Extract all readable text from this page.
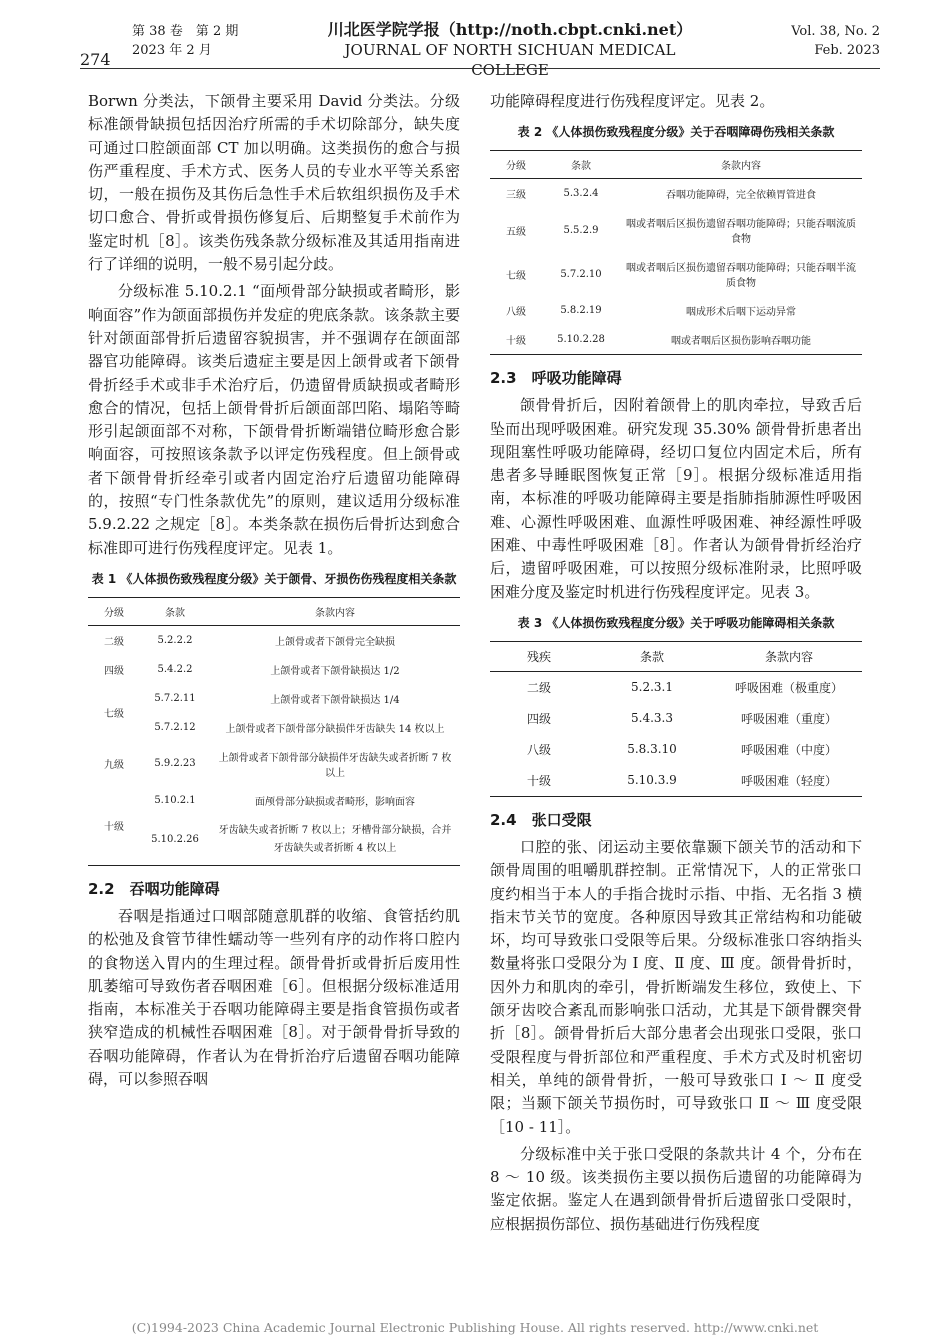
274
第 38 卷　第 2 期
2023 年 2 月
川北医学院学报（http://noth.cbpt.cnki.net）
JOURNAL OF NORTH SICHUAN MEDICAL COLLEGE
Vol. 38, No. 2
Feb. 2023

Borwn 分类法，下颌骨主要采用 David 分类法。分级标准颌骨缺损包括因治疗所需的手术切除部分，缺失度可通过口腔颌面部 CT 加以明确。这类损伤的愈合与损伤严重程度、手术方式、医务人员的专业水平等关系密切，一般在损伤及其伤后急性手术后软组织损伤及手术切口愈合、骨折或骨损伤修复后、后期整复手术前作为鉴定时机［8］。该类伤残条款分级标准及其适用指南进行了详细的说明，一般不易引起分歧。

分级标准 5.10.2.1 “面颅骨部分缺损或者畸形，影响面容”作为颌面部损伤并发症的兜底条款。该条款主要针对颌面部骨折后遗留容貌损害，并不强调存在颌面部器官功能障碍。该类后遗症主要是因上颌骨或者下颌骨骨折经手术或非手术治疗后，仍遗留骨质缺损或者畸形愈合的情况，包括上颌骨骨折后颌面部凹陷、塌陷等畸形引起颌面部不对称，下颌骨骨折断端错位畸形愈合影响面容，可按照该条款予以评定伤残程度。但上颌骨或者下颌骨骨折经牵引或者内固定治疗后遗留功能障碍的，按照“专门性条款优先”的原则，建议适用分级标准 5.9.2.22 之规定［8］。本类条款在损伤后骨折达到愈合标准即可进行伤残程度评定。见表 1。

表 1 《人体损伤致残程度分级》关于颌骨、牙损伤伤残程度相关条款
分级	条款	条款内容
二级	5.2.2.2	上颌骨或者下颌骨完全缺损
四级	5.4.2.2	上颌骨或者下颌骨缺损达 1/2
七级	5.7.2.11	上颌骨或者下颌骨缺损达 1/4
	5.7.2.12	上颌骨或者下颌骨部分缺损伴牙齿缺失 14 枚以上
九级	5.9.2.23	上颌骨或者下颌骨部分缺损伴牙齿缺失或者折断 7 枚以上
十级	5.10.2.1	面颅骨部分缺损或者畸形，影响面容
	5.10.2.26	牙齿缺失或者折断 7 枚以上；牙槽骨部分缺损，合并牙齿缺失或者折断 4 枚以上
2.2　吞咽功能障碍

吞咽是指通过口咽部随意肌群的收缩、食管括约肌的松弛及食管节律性蠕动等一些列有序的动作将口腔内的食物送入胃内的生理过程。颌骨骨折或骨折后废用性肌萎缩可导致伤者吞咽困难［6］。但根据分级标准适用指南，本标准关于吞咽功能障碍主要是指食管损伤或者狭窄造成的机械性吞咽困难［8］。对于颌骨骨折导致的吞咽功能障碍，作者认为在骨折治疗后遗留吞咽功能障碍，可以参照吞咽

功能障碍程度进行伤残程度评定。见表 2。

表 2 《人体损伤致残程度分级》关于吞咽障碍伤残相关条款
分级	条款	条款内容
三级	5.3.2.4	吞咽功能障碍，完全依赖胃管进食
五级	5.5.2.9	咽或者咽后区损伤遗留吞咽功能障碍；只能吞咽流质食物
七级	5.7.2.10	咽或者咽后区损伤遗留吞咽功能障碍；只能吞咽半流质食物
八级	5.8.2.19	咽成形术后咽下运动异常
十级	5.10.2.28	咽或者咽后区损伤影响吞咽功能
2.3　呼吸功能障碍

颌骨骨折后，因附着颌骨上的肌肉牵拉，导致舌后坠而出现呼吸困难。研究发现 35.30% 颌骨骨折患者出现阻塞性呼吸功能障碍，经切口复位内固定术后，所有患者多导睡眠图恢复正常［9］。根据分级标准适用指南，本标准的呼吸功能障碍主要是指肺指肺源性呼吸困难、心源性呼吸困难、血源性呼吸困难、神经源性呼吸困难、中毒性呼吸困难［8］。作者认为颌骨骨折经治疗后，遗留呼吸困难，可以按照分级标准附录，比照呼吸困难分度及鉴定时机进行伤残程度评定。见表 3。

表 3 《人体损伤致残程度分级》关于呼吸功能障碍相关条款
残疾	条款	条款内容
二级	5.2.3.1	呼吸困难（极重度）
四级	5.4.3.3	呼吸困难（重度）
八级	5.8.3.10	呼吸困难（中度）
十级	5.10.3.9	呼吸困难（轻度）
2.4　张口受限

口腔的张、闭运动主要依靠颞下颌关节的活动和下颌骨周围的咀嚼肌群控制。正常情况下，人的正常张口度约相当于本人的手指合拢时示指、中指、无名指 3 横指末节关节的宽度。各种原因导致其正常结构和功能破坏，均可导致张口受限等后果。分级标准张口容纳指头数量将张口受限分为 Ⅰ 度、Ⅱ 度、Ⅲ 度。颌骨骨折时，因外力和肌肉的牵引，骨折断端发生移位，致使上、下颌牙齿咬合紊乱而影响张口活动，尤其是下颌骨髁突骨折［8］。颌骨骨折后大部分患者会出现张口受限，张口受限程度与骨折部位和严重程度、手术方式及时机密切相关，单纯的颌骨骨折，一般可导致张口 Ⅰ ～ Ⅱ 度受限；当颞下颌关节损伤时，可导致张口 Ⅱ ～ Ⅲ 度受限［10 - 11］。

分级标准中关于张口受限的条款共计 4 个，分布在 8 ～ 10 级。该类损伤主要以损伤后遗留的功能障碍为鉴定依据。鉴定人在遇到颌骨骨折后遗留张口受限时，应根据损伤部位、损伤基础进行伤残程度

(C)1994-2023 China Academic Journal Electronic Publishing House. All rights reserved. http://www.cnki.net
